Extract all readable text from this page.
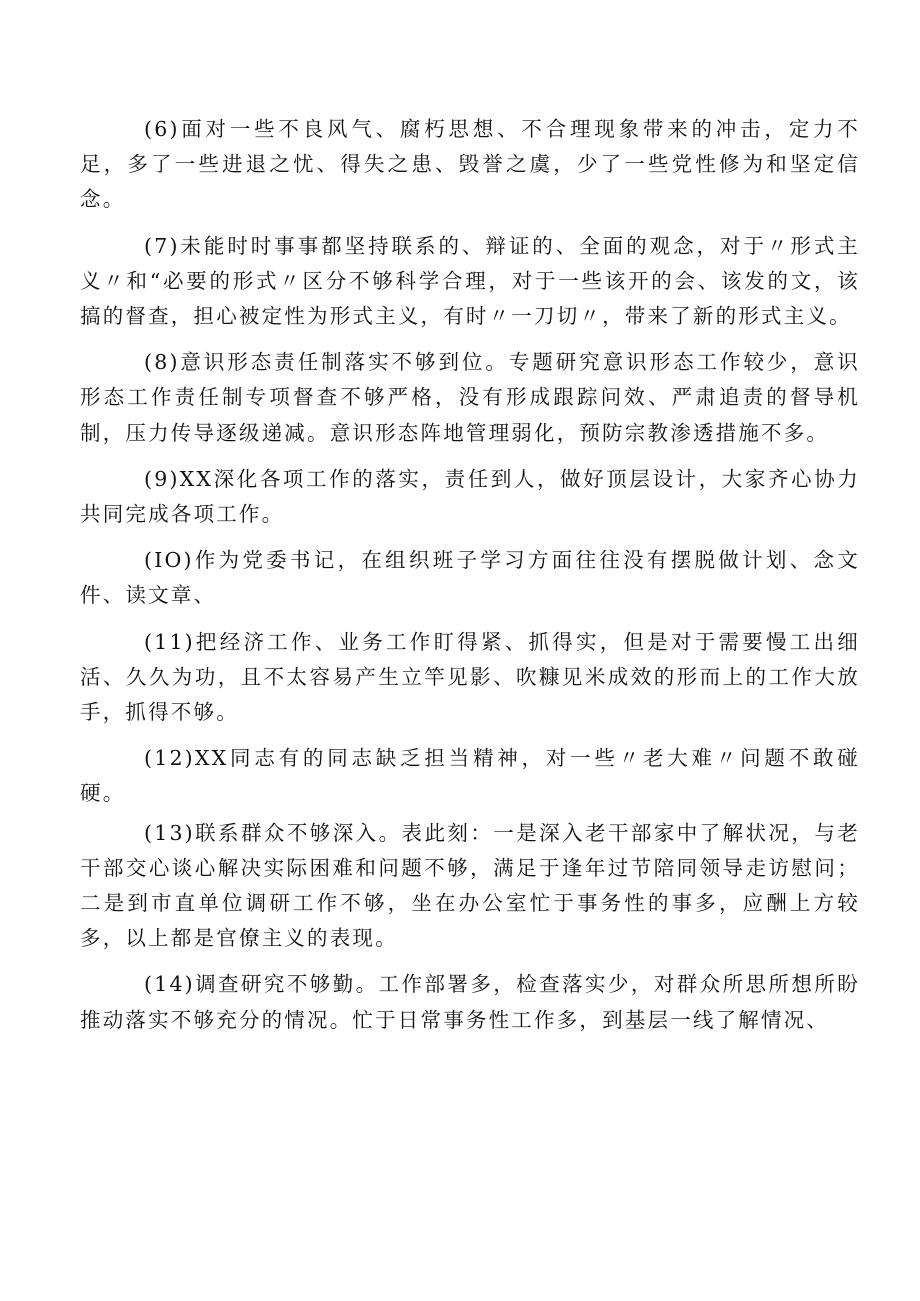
(6)面对一些不良风气、腐朽思想、不合理现象带来的冲击，定力不足，多了一些进退之忧、得失之患、毁誉之虞，少了一些党性修为和坚定信念。

(7)未能时时事事都坚持联系的、辩证的、全面的观念，对于〃形式主义〃和“必要的形式〃区分不够科学合理，对于一些该开的会、该发的文，该搞的督查，担心被定性为形式主义，有时〃一刀切〃，带来了新的形式主义。

(8)意识形态责任制落实不够到位。专题研究意识形态工作较少，意识形态工作责任制专项督查不够严格，没有形成跟踪问效、严肃追责的督导机制，压力传导逐级递减。意识形态阵地管理弱化，预防宗教渗透措施不多。

(9)XX深化各项工作的落实，责任到人，做好顶层设计，大家齐心协力共同完成各项工作。

(IO)作为党委书记，在组织班子学习方面往往没有摆脱做计划、念文件、读文章、

(11)把经济工作、业务工作盯得紧、抓得实，但是对于需要慢工出细活、久久为功，且不太容易产生立竿见影、吹糠见米成效的形而上的工作大放手，抓得不够。

(12)XX同志有的同志缺乏担当精神，对一些〃老大难〃问题不敢碰硬。

(13)联系群众不够深入。表此刻：一是深入老干部家中了解状况，与老干部交心谈心解决实际困难和问题不够，满足于逢年过节陪同领导走访慰问；二是到市直单位调研工作不够，坐在办公室忙于事务性的事多，应酬上方较多，以上都是官僚主义的表现。

(14)调查研究不够勤。工作部署多，检查落实少，对群众所思所想所盼推动落实不够充分的情况。忙于日常事务性工作多，到基层一线了解情况、
